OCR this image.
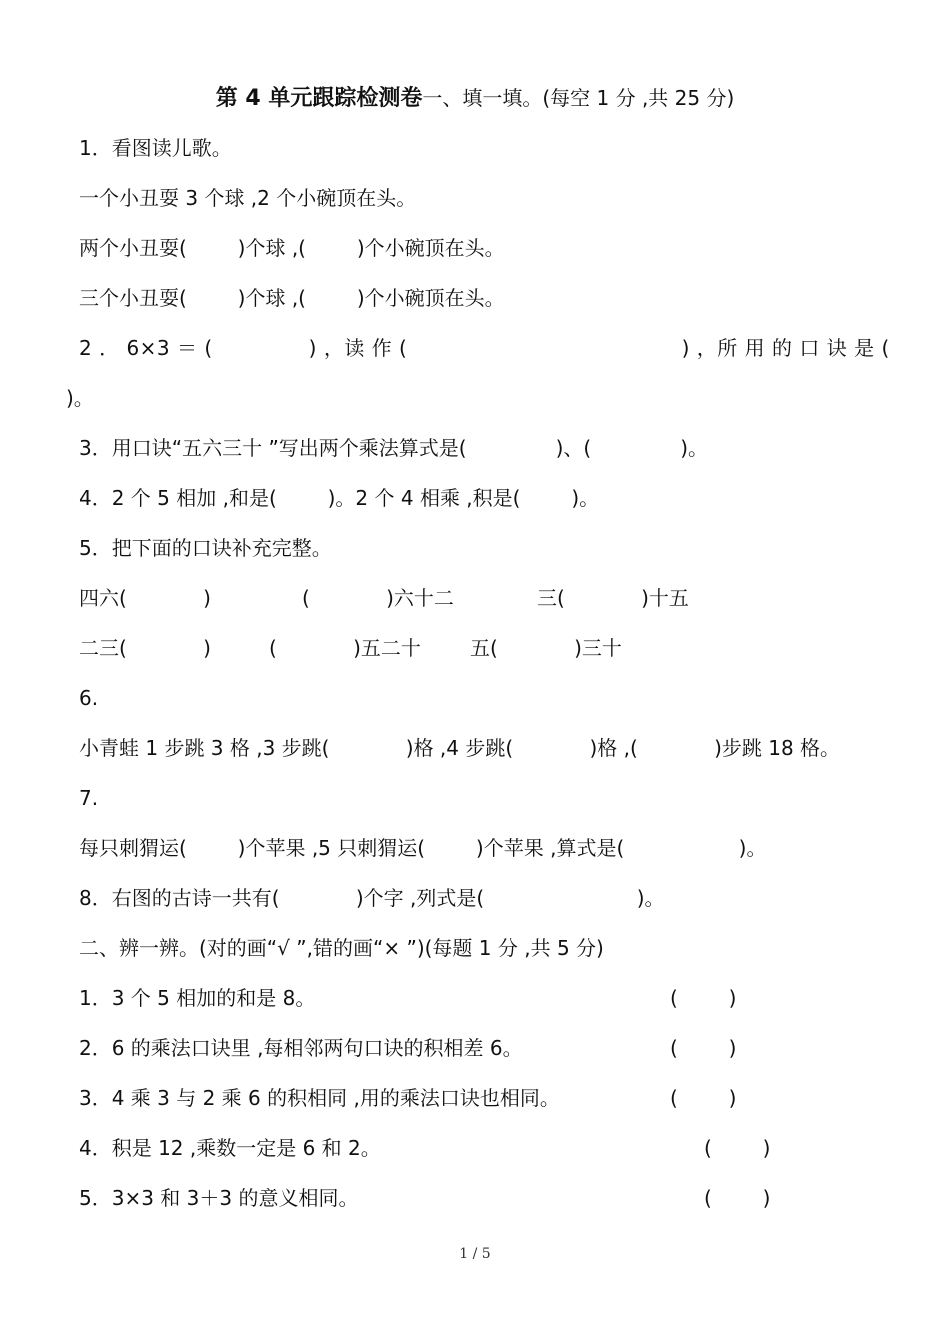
第 4 单元跟踪检测卷一、填一填。(每空 1 分 ,共 25 分)

1．看图读儿歌。

一个小丑耍 3 个球 ,2 个小碗顶在头。

两个小丑耍(        )个球 ,(        )个小碗顶在头。

三个小丑耍(        )个球 ,(        )个小碗顶在头。

2 ． 6×3 ＝ (              ) ，读 作 (                                        ) ，所 用 的 口 诀 是 (

)。

3．用口诀“五六三十 ”写出两个乘法算式是(              )、(              )。

4．2 个 5 相加 ,和是(        )。2 个 4 相乘 ,积是(        )。

5．把下面的口诀补充完整。

四六(            )	(            )六十二	三(            )十五
二三(            )	(            )五二十 五(            )三十

6.

小青蛙 1 步跳 3 格 ,3 步跳(            )格 ,4 步跳(            )格 ,(            )步跳 18 格。

7.

每只刺猬运(        )个苹果 ,5 只刺猬运(        )个苹果 ,算式是(                  )。

8．右图的古诗一共有(            )个字 ,列式是(                        )。

二、辨一辨。(对的画“√ ”,错的画“× ”)(每题 1 分 ,共 5 分)

1．3 个 5 相加的和是 8。	(        )

2．6 的乘法口诀里 ,每相邻两句口诀的积相差 6。	(        )

3．4 乘 3 与 2 乘 6 的积相同 ,用的乘法口诀也相同。	(        )

4．积是 12 ,乘数一定是 6 和 2。	(        )

5．3×3 和 3＋3 的意义相同。	(        )
1 / 5
